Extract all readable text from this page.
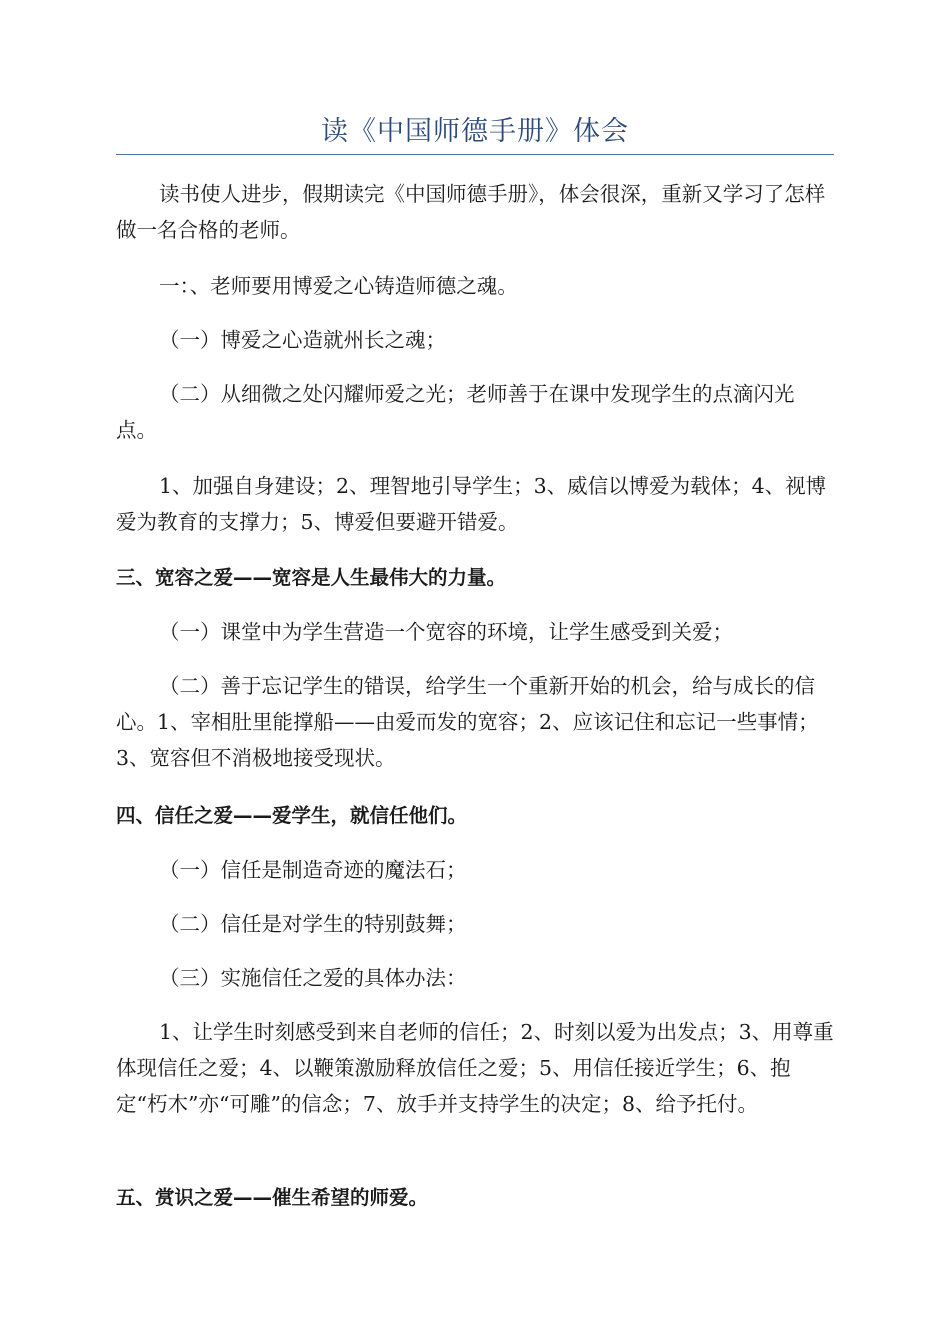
读《中国师德手册》体会

读书使人进步，假期读完《中国师德手册》，体会很深，重新又学习了怎样做一名合格的老师。

一：、老师要用博爱之心铸造师德之魂。

（一）博爱之心造就州长之魂；

（二）从细微之处闪耀师爱之光；老师善于在课中发现学生的点滴闪光点。

1、加强自身建设；2、理智地引导学生；3、威信以博爱为载体；4、视博爱为教育的支撑力；5、博爱但要避开错爱。

三、宽容之爱——宽容是人生最伟大的力量。

（一）课堂中为学生营造一个宽容的环境，让学生感受到关爱；

（二）善于忘记学生的错误，给学生一个重新开始的机会，给与成长的信心。1、宰相肚里能撑船——由爱而发的宽容；2、应该记住和忘记一些事情；3、宽容但不消极地接受现状。

四、信任之爱——爱学生，就信任他们。

（一）信任是制造奇迹的魔法石；

（二）信任是对学生的特别鼓舞；

（三）实施信任之爱的具体办法：

1、让学生时刻感受到来自老师的信任；2、时刻以爱为出发点；3、用尊重体现信任之爱；4、以鞭策激励释放信任之爱；5、用信任接近学生；6、抱定“朽木”亦“可雕”的信念；7、放手并支持学生的决定；8、给予托付。

五、赏识之爱——催生希望的师爱。
